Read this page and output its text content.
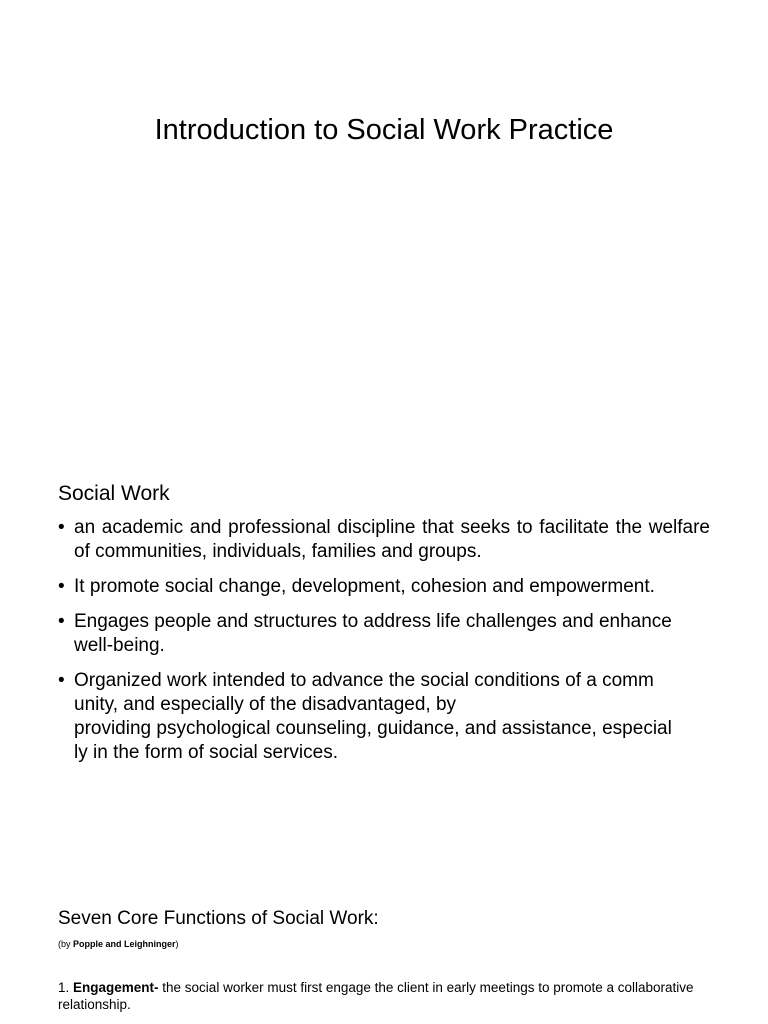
Introduction to Social Work Practice
Social Work
• an academic and professional discipline that seeks to facilitate the welfare of communities, individuals, families and groups.
• It promote social change, development, cohesion and empowerment.
• Engages people and structures to address life challenges and enhance well-being.
• Organized work intended to advance the social conditions of a comm
unity, and especially of the disadvantaged, by
providing psychological counseling, guidance, and assistance, especial
ly in the form of social services.
Seven Core Functions of Social Work:

(by Popple and Leighninger)

1. Engagement- the social worker must first engage the client in early meetings to promote a collaborative relationship.
